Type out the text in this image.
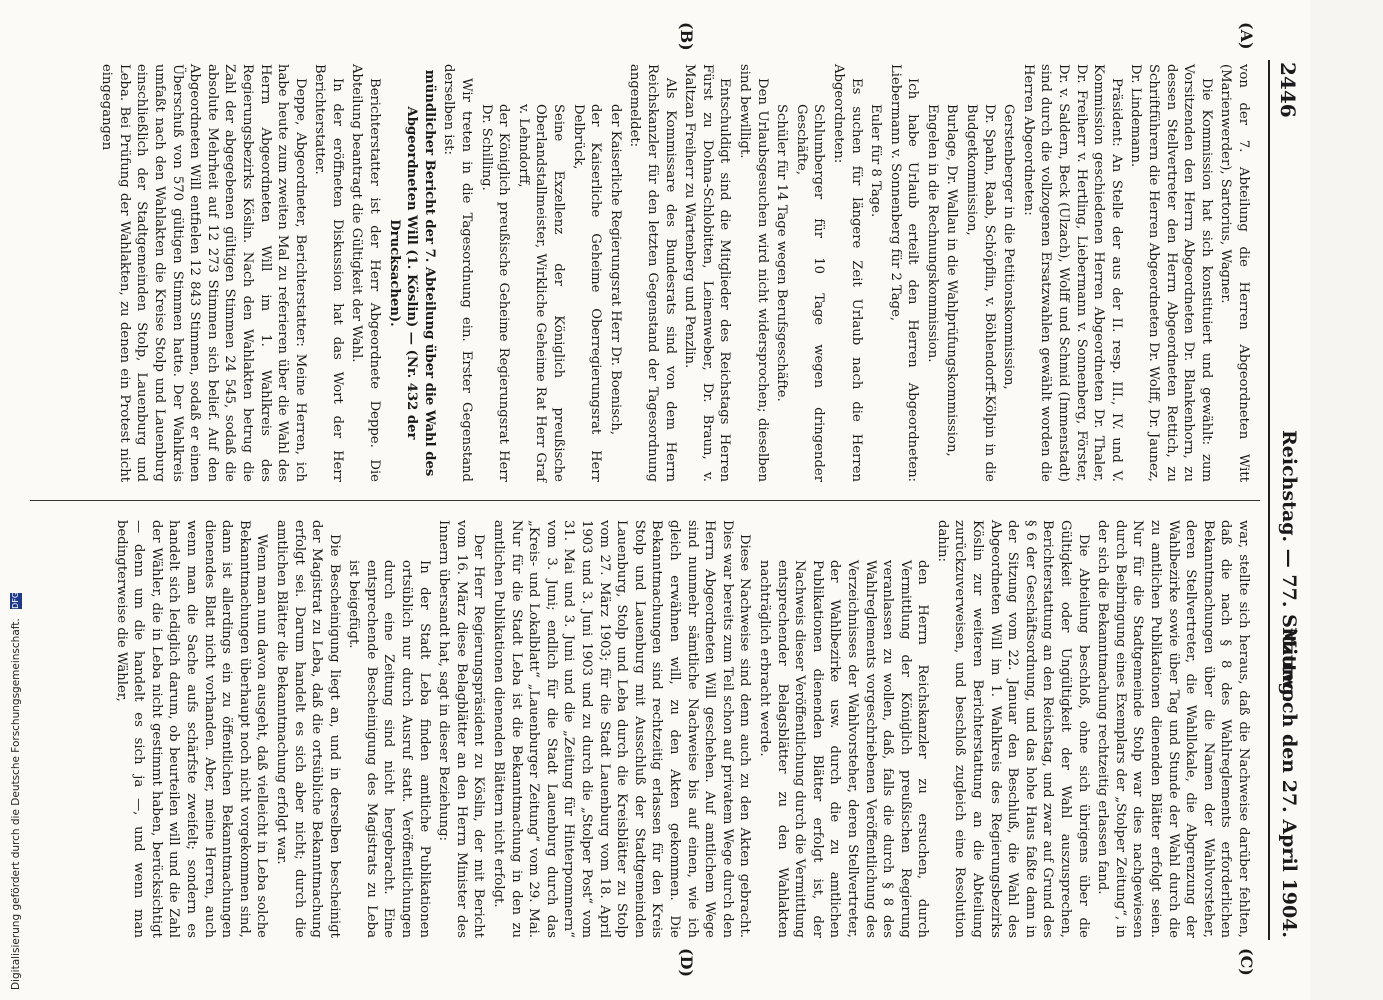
2446
Reichstag. — 77. Sitzung.
Mittwoch den 27. April 1904.
(A)
(B)
(C)
(D)

von der 7. Abteilung die Herren Abgeordneten Witt (Marienwerder), Sartorius, Wagner.

Die Kommission hat sich konstituiert und gewählt: zum Vorsitzenden den Herrn Abgeordneten Dr. Blankenhorn, zu dessen Stellvertreter den Herrn Abgeordneten Rettich, zu Schriftführern die Herren Abgeordneten Dr. Wolff, Dr. Jaunez, Dr. Lindemann.

Präsident: An Stelle der aus der II. resp. III., IV. und V. Kommission geschiedenen Herren Abgeordneten Dr. Thaler, Dr. Freiherr v. Hertling, Liebermann v. Sonnenberg, Förster, Dr. v. Saldern, Beck (Ulzach), Wolff und Schmid (Immenstadt) sind durch die vollzogenen Ersatzwahlen gewählt worden die Herren Abgeordneten:

Gerstenberger in die Petitionskommission,

Dr. Spahn, Raab, Schöpflin, v. Böhlendorff-Kölpin in die Budgetkommission,

Burlage, Dr. Wallau in die Wahlprüfungskommission,

Engelen in die Rechnungskommission.

Ich habe Urlaub erteilt den Herren Abgeordneten: Liebermann v. Sonnenberg für 2 Tage,

Euler für 8 Tage.

Es suchen für längere Zeit Urlaub nach die Herren Abgeordneten:

Schlumberger für 10 Tage wegen dringender Geschäfte,

Schüler für 14 Tage wegen Berufsgeschäfte.

Den Urlaubsgesuchen wird nicht widersprochen; dieselben sind bewilligt.

Entschuldigt sind die Mitglieder des Reichstags Herren Fürst zu Dohna-Schlobitten, Leinenweber, Dr. Braun, v. Maltzan Freiherr zu Wartenberg und Penzlin.

Als Kommissare des Bundesrats sind von dem Herrn Reichskanzler für den letzten Gegenstand der Tagesordnung angemeldet:

der Kaiserliche Regierungsrat Herr Dr. Boenisch,

der Kaiserliche Geheime Oberregierungsrat Herr Delbrück,

Seine Exzellenz der Königlich preußische Oberlandstallmeister, Wirkliche Geheime Rat Herr Graf v. Lehndorff,

der Königlich preußische Geheime Regierungsrat Herr Dr. Schilling.

Wir treten in die Tagesordnung ein. Erster Gegenstand derselben ist:

mündlicher Bericht der 7. Abteilung über die Wahl des Abgeordneten Will (1. Köslin) — (Nr. 432 der Drucksachen).

Berichterstatter ist der Herr Abgeordnete Deppe. Die Abteilung beantragt die Gültigkeit der Wahl.

In der eröffneten Diskussion hat das Wort der Herr Berichterstatter.

Deppe, Abgeordneter, Berichterstatter: Meine Herren, ich habe heute zum zweiten Mal zu referieren über die Wahl des Herrn Abgeordneten Will im 1. Wahlkreis des Regierungsbezirks Köslin. Nach den Wahlakten betrug die Zahl der abgegebenen gültigen Stimmen 24 545, sodaß die absolute Mehrheit auf 12 273 Stimmen sich belief. Auf den Abgeordneten Will entfielen 12 843 Stimmen, sodaß er einen Überschuß von 570 gültigen Stimmen hatte. Der Wahlkreis umfaßt nach den Wahlakten die Kreise Stolp und Lauenburg einschließlich der Stadtgemeinden Stolp, Lauenburg und Leba. Bei Prüfung der Wahlakten, zu denen ein Protest nicht eingegangen

war, stellte sich heraus, daß die Nachweise darüber fehlten, daß die nach § 8 des Wahlreglements erforderlichen Bekanntmachungen über die Namen der Wahlvorsteher, deren Stellvertreter, die Wahllokale, die Abgrenzung der Wahlbezirke sowie über Tag und Stunde der Wahl durch die zu amtlichen Publikationen dienenden Blätter erfolgt seien. Nur für die Stadtgemeinde Stolp war dies nachgewiesen durch Beibringung eines Exemplars der „Stolper Zeitung“, in der sich die Bekanntmachung rechtzeitig erlassen fand.

Die Abteilung beschloß, ohne sich übrigens über die Gültigkeit oder Ungültigkeit der Wahl auszusprechen, Berichterstattung an den Reichstag, und zwar auf Grund des § 6 der Geschäftsordnung, und das hohe Haus faßte dann in der Sitzung vom 22. Januar den Beschluß, die Wahl des Abgeordneten Will im 1. Wahlkreis des Regierungsbezirks Köslin zur weiteren Berichterstattung an die Abteilung zurückzuverweisen, und beschloß zugleich eine Resolution dahin:

den Herrn Reichskanzler zu ersuchen, durch Vermittlung der Königlich preußischen Regierung veranlassen zu wollen, daß, falls die durch § 8 des Wahlreglements vorgeschriebenen Veröffentlichung des Verzeichnisses der Wahlvorsteher, deren Stellvertreter, der Wahlbezirke usw. durch die zu amtlichen Publikationen dienenden Blätter erfolgt ist, der Nachweis dieser Veröffentlichung durch die Vermittlung entsprechender Belagsblätter zu den Wahlakten nachträglich erbracht werde.

Diese Nachweise sind denn auch zu den Akten gebracht. Dies war bereits zum Teil schon auf privatem Wege durch den Herrn Abgeordneten Will geschehen. Auf amtlichem Wege sind nunmehr sämtliche Nachweise bis auf einen, wie ich gleich erwähnen will, zu den Akten gekommen. Die Bekanntmachungen sind rechtzeitig erlassen für den Kreis Stolp und Lauenburg mit Ausschluß der Stadtgemeinden Lauenburg, Stolp und Leba durch die Kreisblätter zu Stolp vom 27. März 1903; für die Stadt Lauenburg vom 18. April 1903 und 3. Juni 1903 und zu durch die „Stolper Post“ vom 31. Mai und 3. Juni und die „Zeitung für Hinterpommern“ vom 3. Juni; endlich für die Stadt Lauenburg durch das „Kreis- und Lokalblatt“ „Lauenburger Zeitung“ vom 29. Mai. Nur für die Stadt Leba ist die Bekanntmachung in den zu amtlichen Publikationen dienenden Blättern nicht erfolgt.

Der Herr Regierungspräsident zu Köslin, der mit Bericht vom 16. März diese Belagblätter an den Herrn Minister des Innern übersandt hat, sagt in dieser Beziehung:

In der Stadt Leba finden amtliche Publikationen ortsüblich nur durch Ausruf statt. Veröffentlichungen durch eine Zeitung sind nicht hergebracht. Eine entsprechende Bescheinigung des Magistrats zu Leba ist beigefügt.

Die Bescheinigung liegt an, und in derselben bescheinigt der Magistrat zu Leba, daß die ortsübliche Bekanntmachung erfolgt sei. Darum handelt es sich aber nicht; durch die amtlichen Blätter die Bekanntmachung erfolgt war.

Wenn man nun davon ausgeht, daß vielleicht in Leba solche Bekanntmachungen überhaupt noch nicht vorgekommen sind, dann ist allerdings ein zu öffentlichen Bekanntmachungen dienendes Blatt nicht vorhanden. Aber, meine Herren, auch wenn man die Sache aufs schärfste zweifelt; sondern es handelt sich lediglich darum, ob beurteilen will und die Zahl der Wähler, die in Leba nicht gestimmt haben, berücksichtigt — denn um die handelt es sich ja —, und wenn man bedingterweise die Wähler,

Digitalisierung gefördert durch die Deutsche Forschungsgemeinschaft. DFG
